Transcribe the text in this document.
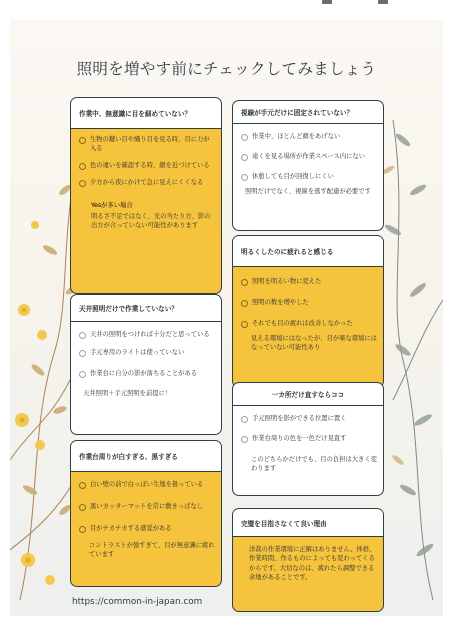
照明を増やす前にチェックしてみましょう
作業中、無意識に目を細めていない？
生物の鍵い目や織り目を見る時、目に力が入る
色の違いを確認する時、顔を近づけている
夕方から夜にかけて急に見えにくくなる
Yesが多い場合
明るさ不足ではなく、光の当たり方、影の出方が合っていない可能性があります
視線が手元だけに固定されていない？
作業中、ほとんど顔をあげない
遠くを見る場所が作業スペース内にない
休憩しても目が回復しにくい
照明だけでなく、視線を逃す配慮が必要です
明るくしたのに疲れると感じる
照明を明るい物に変えた
照明の数を増やした
それでも目の疲れは改善しなかった
見える環境にはなったが、目が楽な環境にはなっていない可能性あり
天井照明だけで作業していない？
天井の照明をつければ十分だと思っている
手元専用のライトは使っていない
作業台に自分の影が落ちることがある
天井照明＋手元照明を前提に！	一カ所だけ直すならココ
手元照明を影ができる位置に置く
作業台周りの色を一色だけ見直す
このどちらかだけでも、目の負担は大きく変わります
作業台周りが白すぎる、黒すぎる
白い壁の前で白っぽい生地を扱っている
黒いカッターマットを常に敷きっぱなし
目がチカチカする感覚がある
コントラストが強すぎて、目が無意識に疲れています
完璧を目指さなくて良い理由
洋裁の作業環境に正解はありません。体格、作業時間、作るものによっても変わってくるからです。大切なのは、疲れたら調整できる余地があることです。
https://common-in-japan.com
